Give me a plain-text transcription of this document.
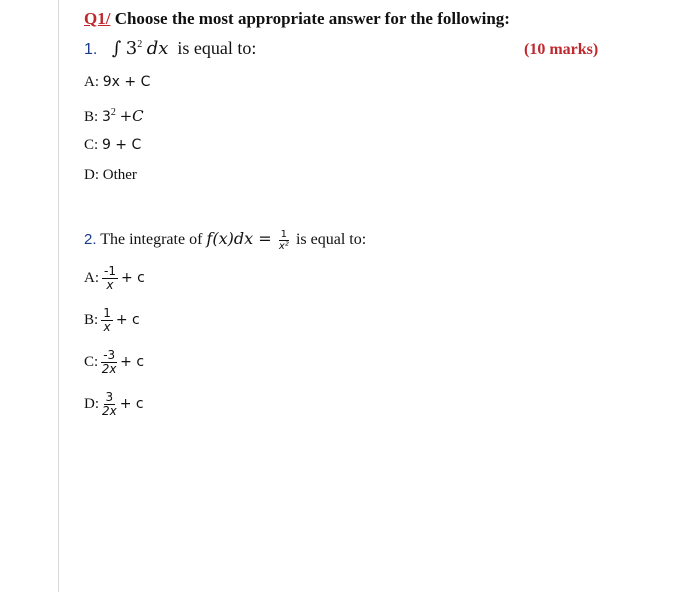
Q1/ Choose the most appropriate answer for the following:
1. ∫ $3^2$ dx is equal to:	(10 marks)
A: 9x + C
B: $3^2 +C$
C: 9 + C
D: Other
2. The integrate of $f(x)dx = \frac{1}{\text{x²}}$ is equal to:
A: $\frac{-1}{x} + c$
B: $\frac{1}{x} + c$
C: $\frac{-3}{2x} + c$
D: $\frac{3}{2x} + c$
